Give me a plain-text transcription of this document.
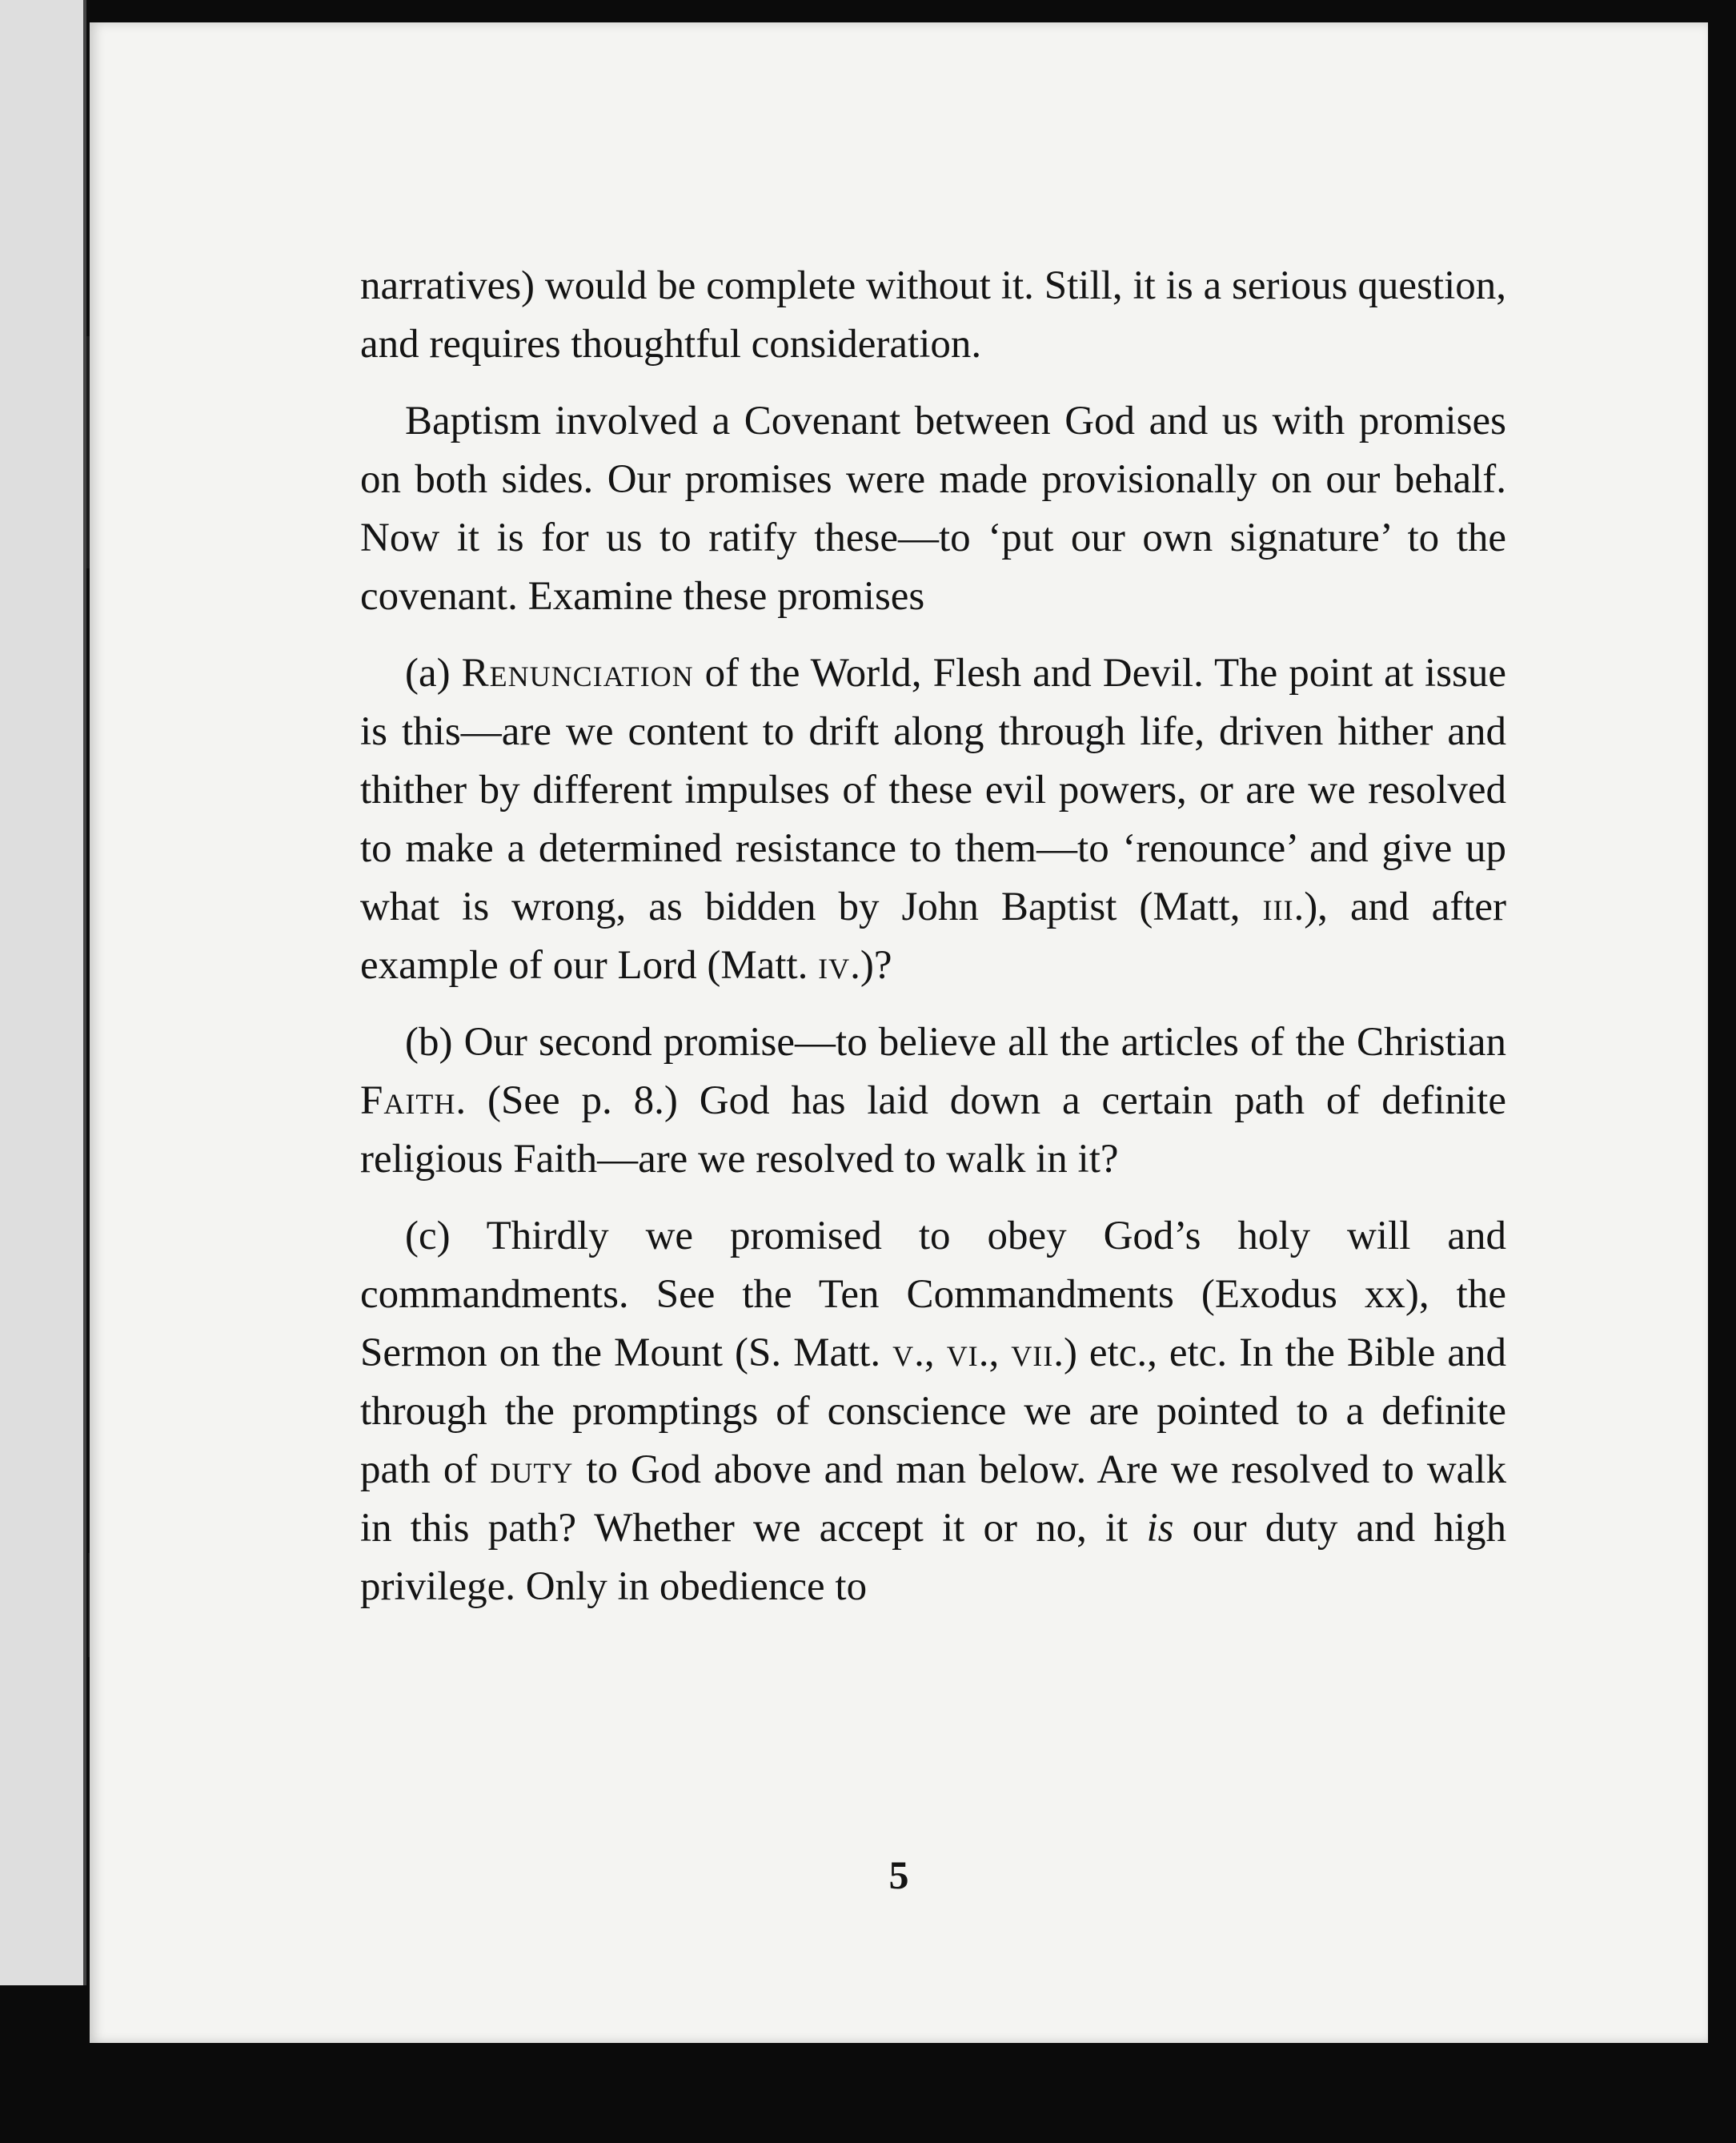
narratives) would be complete without it. Still, it is a serious question, and requires thoughtful consideration.

Baptism involved a Covenant between God and us with promises on both sides. Our promises were made provisionally on our behalf. Now it is for us to ratify these—to ‘put our own signature’ to the covenant. Examine these promises

(a) Renunciation of the World, Flesh and Devil. The point at issue is this—are we content to drift along through life, driven hither and thither by different impulses of these evil powers, or are we resolved to make a determined resistance to them—to ‘renounce’ and give up what is wrong, as bidden by John Baptist (Matt, iii.), and after example of our Lord (Matt. iv.)?

(b) Our second promise—to believe all the articles of the Christian Faith. (See p. 8.) God has laid down a certain path of definite religious Faith—are we resolved to walk in it?

(c) Thirdly we promised to obey God’s holy will and commandments. See the Ten Commandments (Exodus xx), the Sermon on the Mount (S. Matt. v., vi., vii.) etc., etc. In the Bible and through the promptings of conscience we are pointed to a definite path of duty to God above and man below. Are we resolved to walk in this path? Whether we accept it or no, it is our duty and high privilege. Only in obedience to

5
